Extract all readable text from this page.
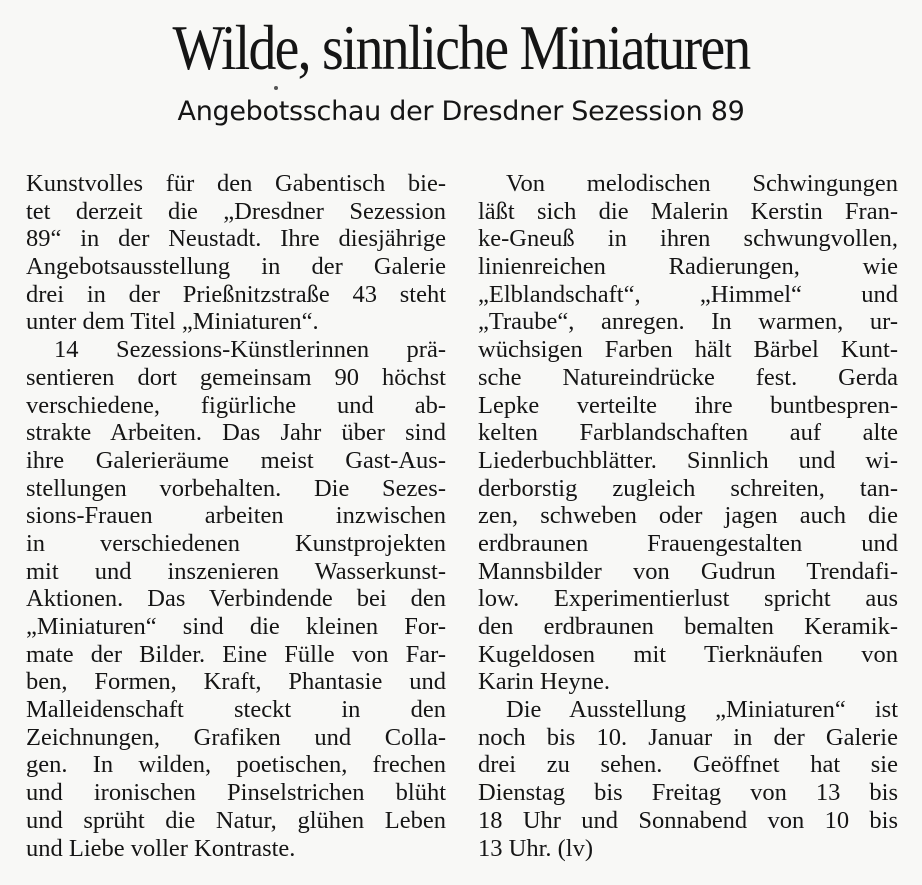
Wilde, sinnliche Miniaturen
Angebotsschau der Dresdner Sezession 89
Kunstvolles für den Gabentisch bie-
tet derzeit die „Dresdner Sezession
89“ in der Neustadt. Ihre diesjährige
Angebotsausstellung in der Galerie
drei in der Prießnitzstraße 43 steht
unter dem Titel „Miniaturen“.
14 Sezessions-Künstlerinnen prä-
sentieren dort gemeinsam 90 höchst
verschiedene, figürliche und ab-
strakte Arbeiten. Das Jahr über sind
ihre Galerieräume meist Gast-Aus-
stellungen vorbehalten. Die Sezes-
sions-Frauen arbeiten inzwischen
in verschiedenen Kunstprojekten
mit und inszenieren Wasserkunst-
Aktionen. Das Verbindende bei den
„Miniaturen“ sind die kleinen For-
mate der Bilder. Eine Fülle von Far-
ben, Formen, Kraft, Phantasie und
Malleidenschaft steckt in den
Zeichnungen, Grafiken und Colla-
gen. In wilden, poetischen, frechen
und ironischen Pinselstrichen blüht
und sprüht die Natur, glühen Leben
und Liebe voller Kontraste.
Von melodischen Schwingungen
läßt sich die Malerin Kerstin Fran-
ke-Gneuß in ihren schwungvollen,
linienreichen Radierungen, wie
„Elblandschaft“, „Himmel“ und
„Traube“, anregen. In warmen, ur-
wüchsigen Farben hält Bärbel Kunt-
sche Natureindrücke fest. Gerda
Lepke verteilte ihre buntbespren-
kelten Farblandschaften auf alte
Liederbuchblätter. Sinnlich und wi-
derborstig zugleich schreiten, tan-
zen, schweben oder jagen auch die
erdbraunen Frauengestalten und
Mannsbilder von Gudrun Trendafi-
low. Experimentierlust spricht aus
den erdbraunen bemalten Keramik-
Kugeldosen mit Tierknäufen von
Karin Heyne.
Die Ausstellung „Miniaturen“ ist
noch bis 10. Januar in der Galerie
drei zu sehen. Geöffnet hat sie
Dienstag bis Freitag von 13 bis
18 Uhr und Sonnabend von 10 bis
13 Uhr. (lv)
